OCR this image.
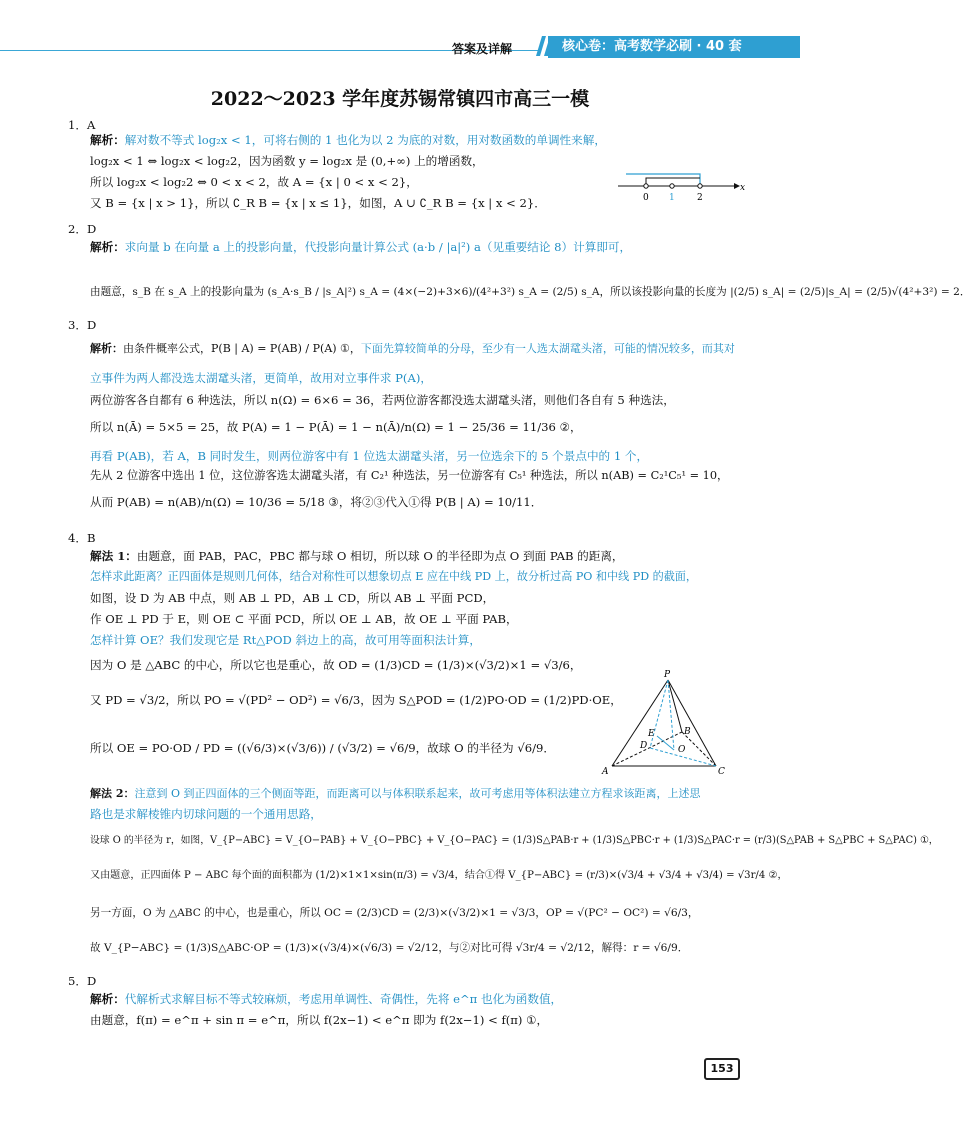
答案及详解	核心卷：高考数学必刷 · 40 套
2022～2023 学年度苏锡常镇四市高三一模
1．A
解析：解对数不等式 log₂x < 1，可将右侧的 1 也化为以 2 为底的对数，用对数函数的单调性来解，
log₂x < 1 ⇔ log₂x < log₂2，因为函数 y = log₂x 是 (0,+∞) 上的增函数，
所以 log₂x < log₂2 ⇔ 0 < x < 2，故 A = {x | 0 < x < 2}，
又 B = {x | x > 1}，所以 ∁_R B = {x | x ≤ 1}，如图，A ∪ ∁_R B = {x | x < 2}．	0 1 2
x
2．D
解析：求向量 b 在向量 a 上的投影向量，代投影向量计算公式 (a·b / |a|²) a（见重要结论 8）计算即可，
由题意，s_B 在 s_A 上的投影向量为 (s_A·s_B / |s_A|²) s_A = (4×(−2)+3×6)/(4²+3²) s_A = (2/5) s_A，所以该投影向量的长度为 |(2/5) s_A| = (2/5)|s_A| = (2/5)√(4²+3²) = 2．
3．D
解析：由条件概率公式，P(B | A) = P(AB) / P(A) ①，下面先算较简单的分母，至少有一人选太湖鼋头渚，可能的情况较多，而其对
立事件为两人都没选太湖鼋头渚，更简单，故用对立事件求 P(A)，
两位游客各自都有 6 种选法，所以 n(Ω) = 6×6 = 36，若两位游客都没选太湖鼋头渚，则他们各自有 5 种选法，
所以 n(Ā) = 5×5 = 25，故 P(A) = 1 − P(Ā) = 1 − n(Ā)/n(Ω) = 1 − 25/36 = 11/36 ②，
再看 P(AB)，若 A，B 同时发生，则两位游客中有 1 位选太湖鼋头渚，另一位选余下的 5 个景点中的 1 个，
先从 2 位游客中选出 1 位，这位游客选太湖鼋头渚，有 C₂¹ 种选法，另一位游客有 C₅¹ 种选法，所以 n(AB) = C₂¹C₅¹ = 10，
从而 P(AB) = n(AB)/n(Ω) = 10/36 = 5/18 ③，将②③代入①得 P(B | A) = 10/11．
4．B
解法 1：由题意，面 PAB，PAC，PBC 都与球 O 相切，所以球 O 的半径即为点 O 到面 PAB 的距离，
怎样求此距离？正四面体是规则几何体，结合对称性可以想象切点 E 应在中线 PD 上，故分析过高 PO 和中线 PD 的截面，
如图，设 D 为 AB 中点，则 AB ⊥ PD，AB ⊥ CD，所以 AB ⊥ 平面 PCD，
作 OE ⊥ PD 于 E，则 OE ⊂ 平面 PCD，所以 OE ⊥ AB，故 OE ⊥ 平面 PAB，
怎样计算 OE？我们发现它是 Rt△POD 斜边上的高，故可用等面积法计算，
因为 O 是 △ABC 的中心，所以它也是重心，故 OD = (1/3)CD = (1/3)×(√3/2)×1 = √3/6，
又 PD = √3/2，所以 PO = √(PD² − OD²) = √6/3，因为 S△POD = (1/2)PO·OD = (1/2)PD·OE，
所以 OE = PO·OD / PD = ((√6/3)×(√3/6)) / (√3/2) = √6/9，故球 O 的半径为 √6/9．
P
E	B
D	O
A	C
解法 2：注意到 O 到正四面体的三个侧面等距，而距离可以与体积联系起来，故可考虑用等体积法建立方程求该距离，上述思
路也是求解棱锥内切球问题的一个通用思路，
设球 O 的半径为 r，如图，V_{P−ABC} = V_{O−PAB} + V_{O−PBC} + V_{O−PAC} = (1/3)S△PAB·r + (1/3)S△PBC·r + (1/3)S△PAC·r = (r/3)(S△PAB + S△PBC + S△PAC) ①，
又由题意，正四面体 P − ABC 每个面的面积都为 (1/2)×1×1×sin(π/3) = √3/4，结合①得 V_{P−ABC} = (r/3)×(√3/4 + √3/4 + √3/4) = √3r/4 ②，
另一方面，O 为 △ABC 的中心，也是重心，所以 OC = (2/3)CD = (2/3)×(√3/2)×1 = √3/3，OP = √(PC² − OC²) = √6/3，
故 V_{P−ABC} = (1/3)S△ABC·OP = (1/3)×(√3/4)×(√6/3) = √2/12，与②对比可得 √3r/4 = √2/12，解得：r = √6/9．
5．D
解析：代解析式求解目标不等式较麻烦，考虑用单调性、奇偶性，先将 e^π 也化为函数值，
由题意，f(π) = e^π + sin π = e^π，所以 f(2x−1) < e^π 即为 f(2x−1) < f(π) ①，
153
